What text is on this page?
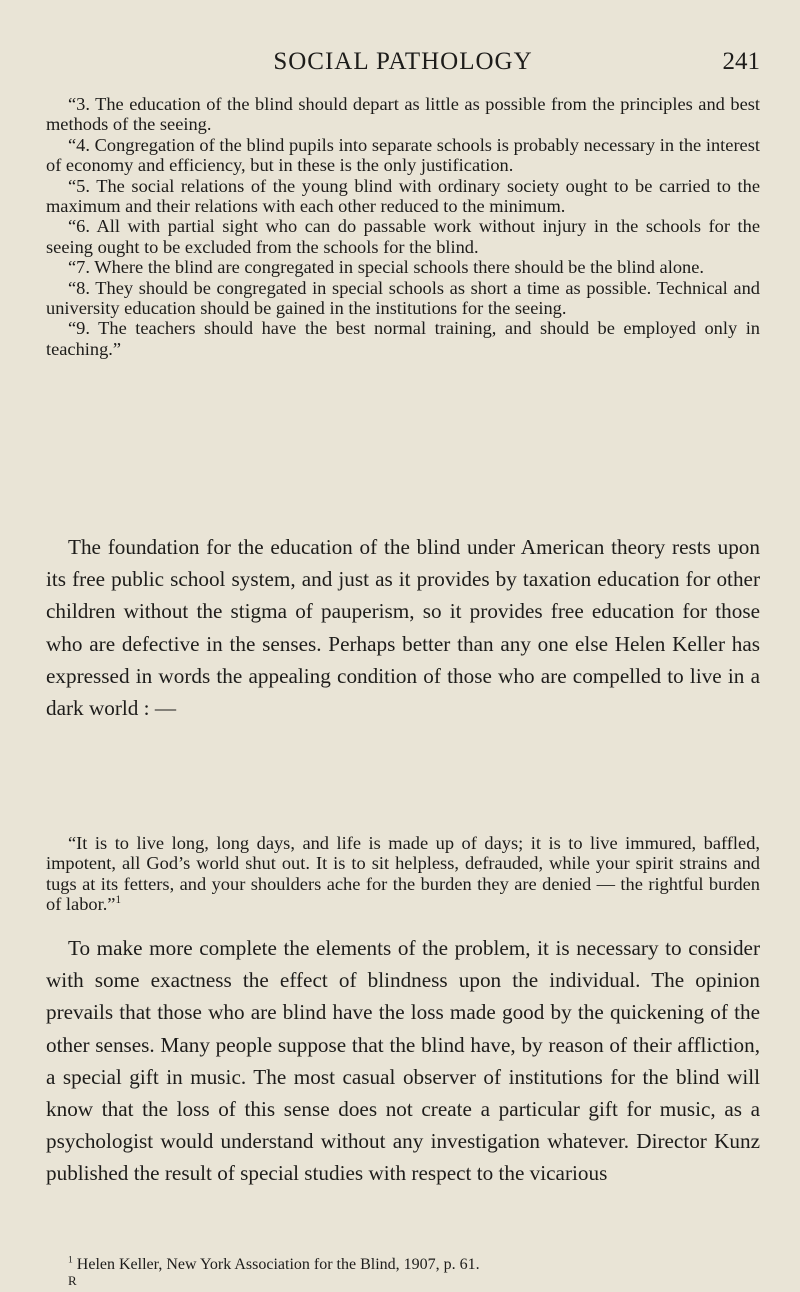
SOCIAL PATHOLOGY	241

“3. The education of the blind should depart as little as possible from the principles and best methods of the seeing.

“4. Congregation of the blind pupils into separate schools is probably necessary in the interest of economy and efficiency, but in these is the only justification.

“5. The social relations of the young blind with ordinary society ought to be carried to the maximum and their relations with each other reduced to the minimum.

“6. All with partial sight who can do passable work without injury in the schools for the seeing ought to be excluded from the schools for the blind.

“7. Where the blind are congregated in special schools there should be the blind alone.

“8. They should be congregated in special schools as short a time as possible. Technical and university education should be gained in the institutions for the seeing.

“9. The teachers should have the best normal training, and should be employed only in teaching.”

The foundation for the education of the blind under American theory rests upon its free public school system, and just as it provides by taxation education for other children without the stigma of pauperism, so it provides free education for those who are defective in the senses. Perhaps better than any one else Helen Keller has expressed in words the appealing condition of those who are compelled to live in a dark world : —

“It is to live long, long days, and life is made up of days; it is to live immured, baffled, impotent, all God’s world shut out. It is to sit helpless, defrauded, while your spirit strains and tugs at its fetters, and your shoulders ache for the burden they are denied — the rightful burden of labor.”$^1$

To make more complete the elements of the problem, it is necessary to consider with some exactness the effect of blindness upon the individual. The opinion prevails that those who are blind have the loss made good by the quickening of the other senses. Many people suppose that the blind have, by reason of their affliction, a special gift in music. The most casual observer of institutions for the blind will know that the loss of this sense does not create a particular gift for music, as a psychologist would understand without any investigation whatever. Director Kunz published the result of special studies with respect to the vicarious

$^1$ Helen Keller, New York Association for the Blind, 1907, p. 61.

R
